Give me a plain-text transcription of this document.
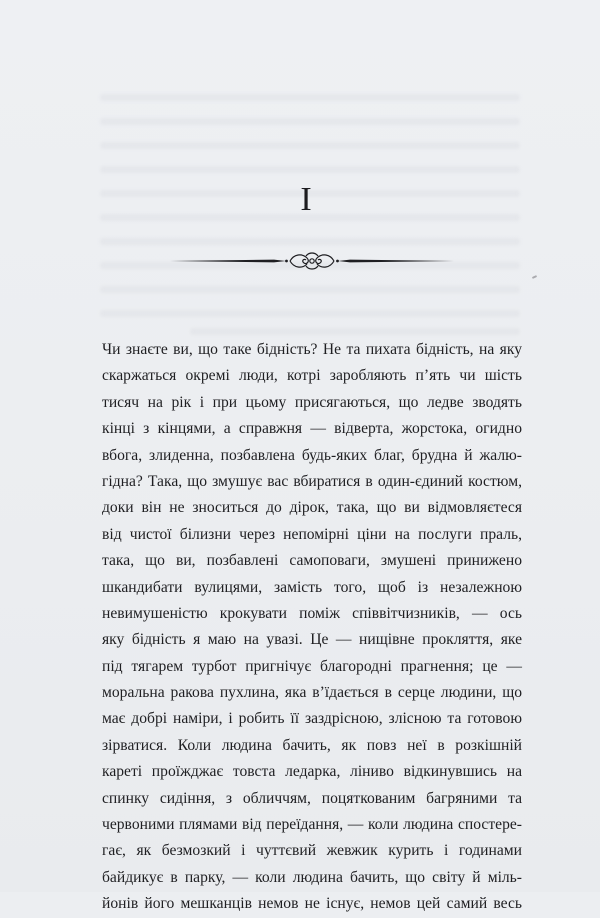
I

Чи знаєте ви, що таке бідність? Не та пихата бідність, на яку
скаржаться окремі люди, котрі заробляють п’ять чи шість
тисяч на рік і при цьому присягаються, що ледве зводять
кінці з кінцями, а справжня — відверта, жорстока, огидно
вбога, злиденна, позбавлена будь-яких благ, брудна й жалю-
гідна? Така, що змушує вас вбиратися в один-єдиний костюм,
доки він не зноситься до дірок, така, що ви відмовляєтеся
від чистої білизни через непомірні ціни на послуги праль,
така, що ви, позбавлені самоповаги, змушені принижено
шкандибати вулицями, замість того, щоб із незалежною
невимушеністю крокувати поміж співвітчизників, — ось
яку бідність я маю на увазі. Це — нищівне прокляття, яке
під тягарем турбот пригнічує благородні прагнення; це —
моральна ракова пухлина, яка в’їдається в серце людини, що
має добрі наміри, і робить її заздрісною, злісною та готовою
зірватися. Коли людина бачить, як повз неї в розкішній
кареті проїжджає товста ледарка, ліниво відкинувшись на
спинку сидіння, з обличчям, поцяткованим багряними та
червоними плямами від переїдання, — коли людина спостере-
гає, як безмозкий і чуттєвий жевжик курить і годинами
байдикує в парку, — коли людина бачить, що світу й міль-
йонів його мешканців немов не існує, немов цей самий весь
